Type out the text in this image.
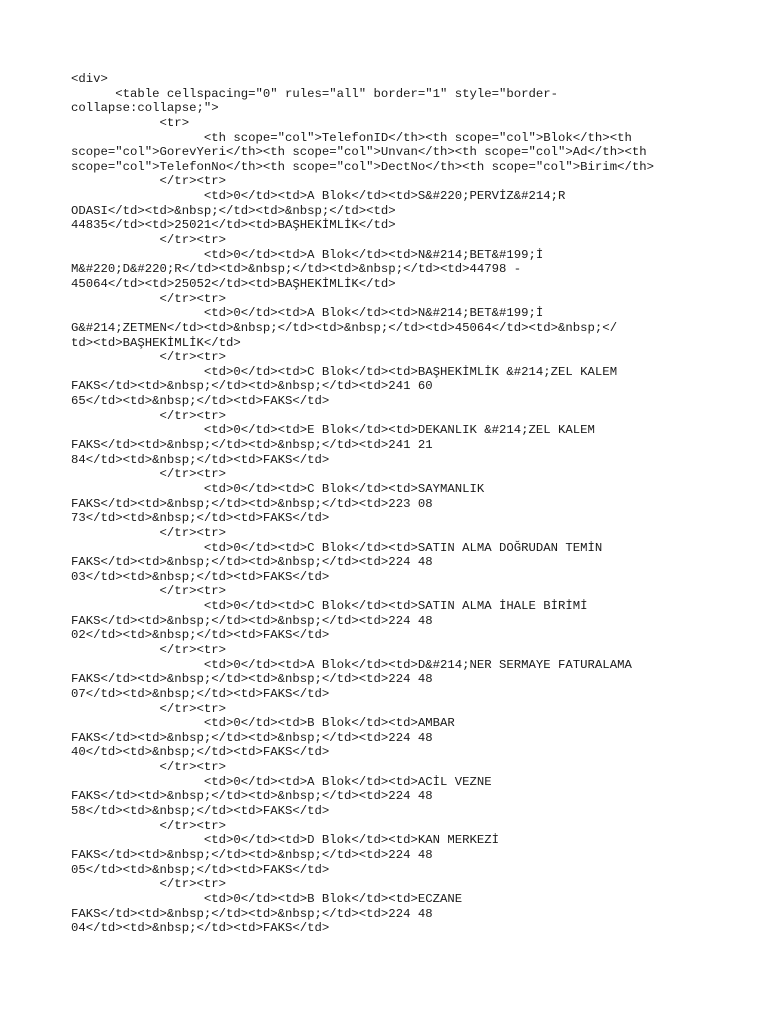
<div>
<table cellspacing="0" rules="all" border="1" style="border-
collapse:collapse;">
<tr>
<th scope="col">TelefonID</th><th scope="col">Blok</th><th
scope="col">GorevYeri</th><th scope="col">Unvan</th><th scope="col">Ad</th><th
scope="col">TelefonNo</th><th scope="col">DectNo</th><th scope="col">Birim</th>
</tr><tr>
<td>0</td><td>A Blok</td><td>S&#220;PERVİZ&#214;R
ODASI</td><td>&nbsp;</td><td>&nbsp;</td><td>
44835</td><td>25021</td><td>BAŞHEKİMLİK</td>
</tr><tr>
<td>0</td><td>A Blok</td><td>N&#214;BET&#199;İ
M&#220;D&#220;R</td><td>&nbsp;</td><td>&nbsp;</td><td>44798 -
45064</td><td>25052</td><td>BAŞHEKİMLİK</td>
</tr><tr>
<td>0</td><td>A Blok</td><td>N&#214;BET&#199;İ
G&#214;ZETMEN</td><td>&nbsp;</td><td>&nbsp;</td><td>45064</td><td>&nbsp;</
td><td>BAŞHEKİMLİK</td>
</tr><tr>
<td>0</td><td>C Blok</td><td>BAŞHEKİMLİK &#214;ZEL KALEM
FAKS</td><td>&nbsp;</td><td>&nbsp;</td><td>241 60
65</td><td>&nbsp;</td><td>FAKS</td>
</tr><tr>
<td>0</td><td>E Blok</td><td>DEKANLIK &#214;ZEL KALEM
FAKS</td><td>&nbsp;</td><td>&nbsp;</td><td>241 21
84</td><td>&nbsp;</td><td>FAKS</td>
</tr><tr>
<td>0</td><td>C Blok</td><td>SAYMANLIK
FAKS</td><td>&nbsp;</td><td>&nbsp;</td><td>223 08
73</td><td>&nbsp;</td><td>FAKS</td>
</tr><tr>
<td>0</td><td>C Blok</td><td>SATIN ALMA DOĞRUDAN TEMİN
FAKS</td><td>&nbsp;</td><td>&nbsp;</td><td>224 48
03</td><td>&nbsp;</td><td>FAKS</td>
</tr><tr>
<td>0</td><td>C Blok</td><td>SATIN ALMA İHALE BİRİMİ
FAKS</td><td>&nbsp;</td><td>&nbsp;</td><td>224 48
02</td><td>&nbsp;</td><td>FAKS</td>
</tr><tr>
<td>0</td><td>A Blok</td><td>D&#214;NER SERMAYE FATURALAMA
FAKS</td><td>&nbsp;</td><td>&nbsp;</td><td>224 48
07</td><td>&nbsp;</td><td>FAKS</td>
</tr><tr>
<td>0</td><td>B Blok</td><td>AMBAR
FAKS</td><td>&nbsp;</td><td>&nbsp;</td><td>224 48
40</td><td>&nbsp;</td><td>FAKS</td>
</tr><tr>
<td>0</td><td>A Blok</td><td>ACİL VEZNE
FAKS</td><td>&nbsp;</td><td>&nbsp;</td><td>224 48
58</td><td>&nbsp;</td><td>FAKS</td>
</tr><tr>
<td>0</td><td>D Blok</td><td>KAN MERKEZİ
FAKS</td><td>&nbsp;</td><td>&nbsp;</td><td>224 48
05</td><td>&nbsp;</td><td>FAKS</td>
</tr><tr>
<td>0</td><td>B Blok</td><td>ECZANE
FAKS</td><td>&nbsp;</td><td>&nbsp;</td><td>224 48
04</td><td>&nbsp;</td><td>FAKS</td>
